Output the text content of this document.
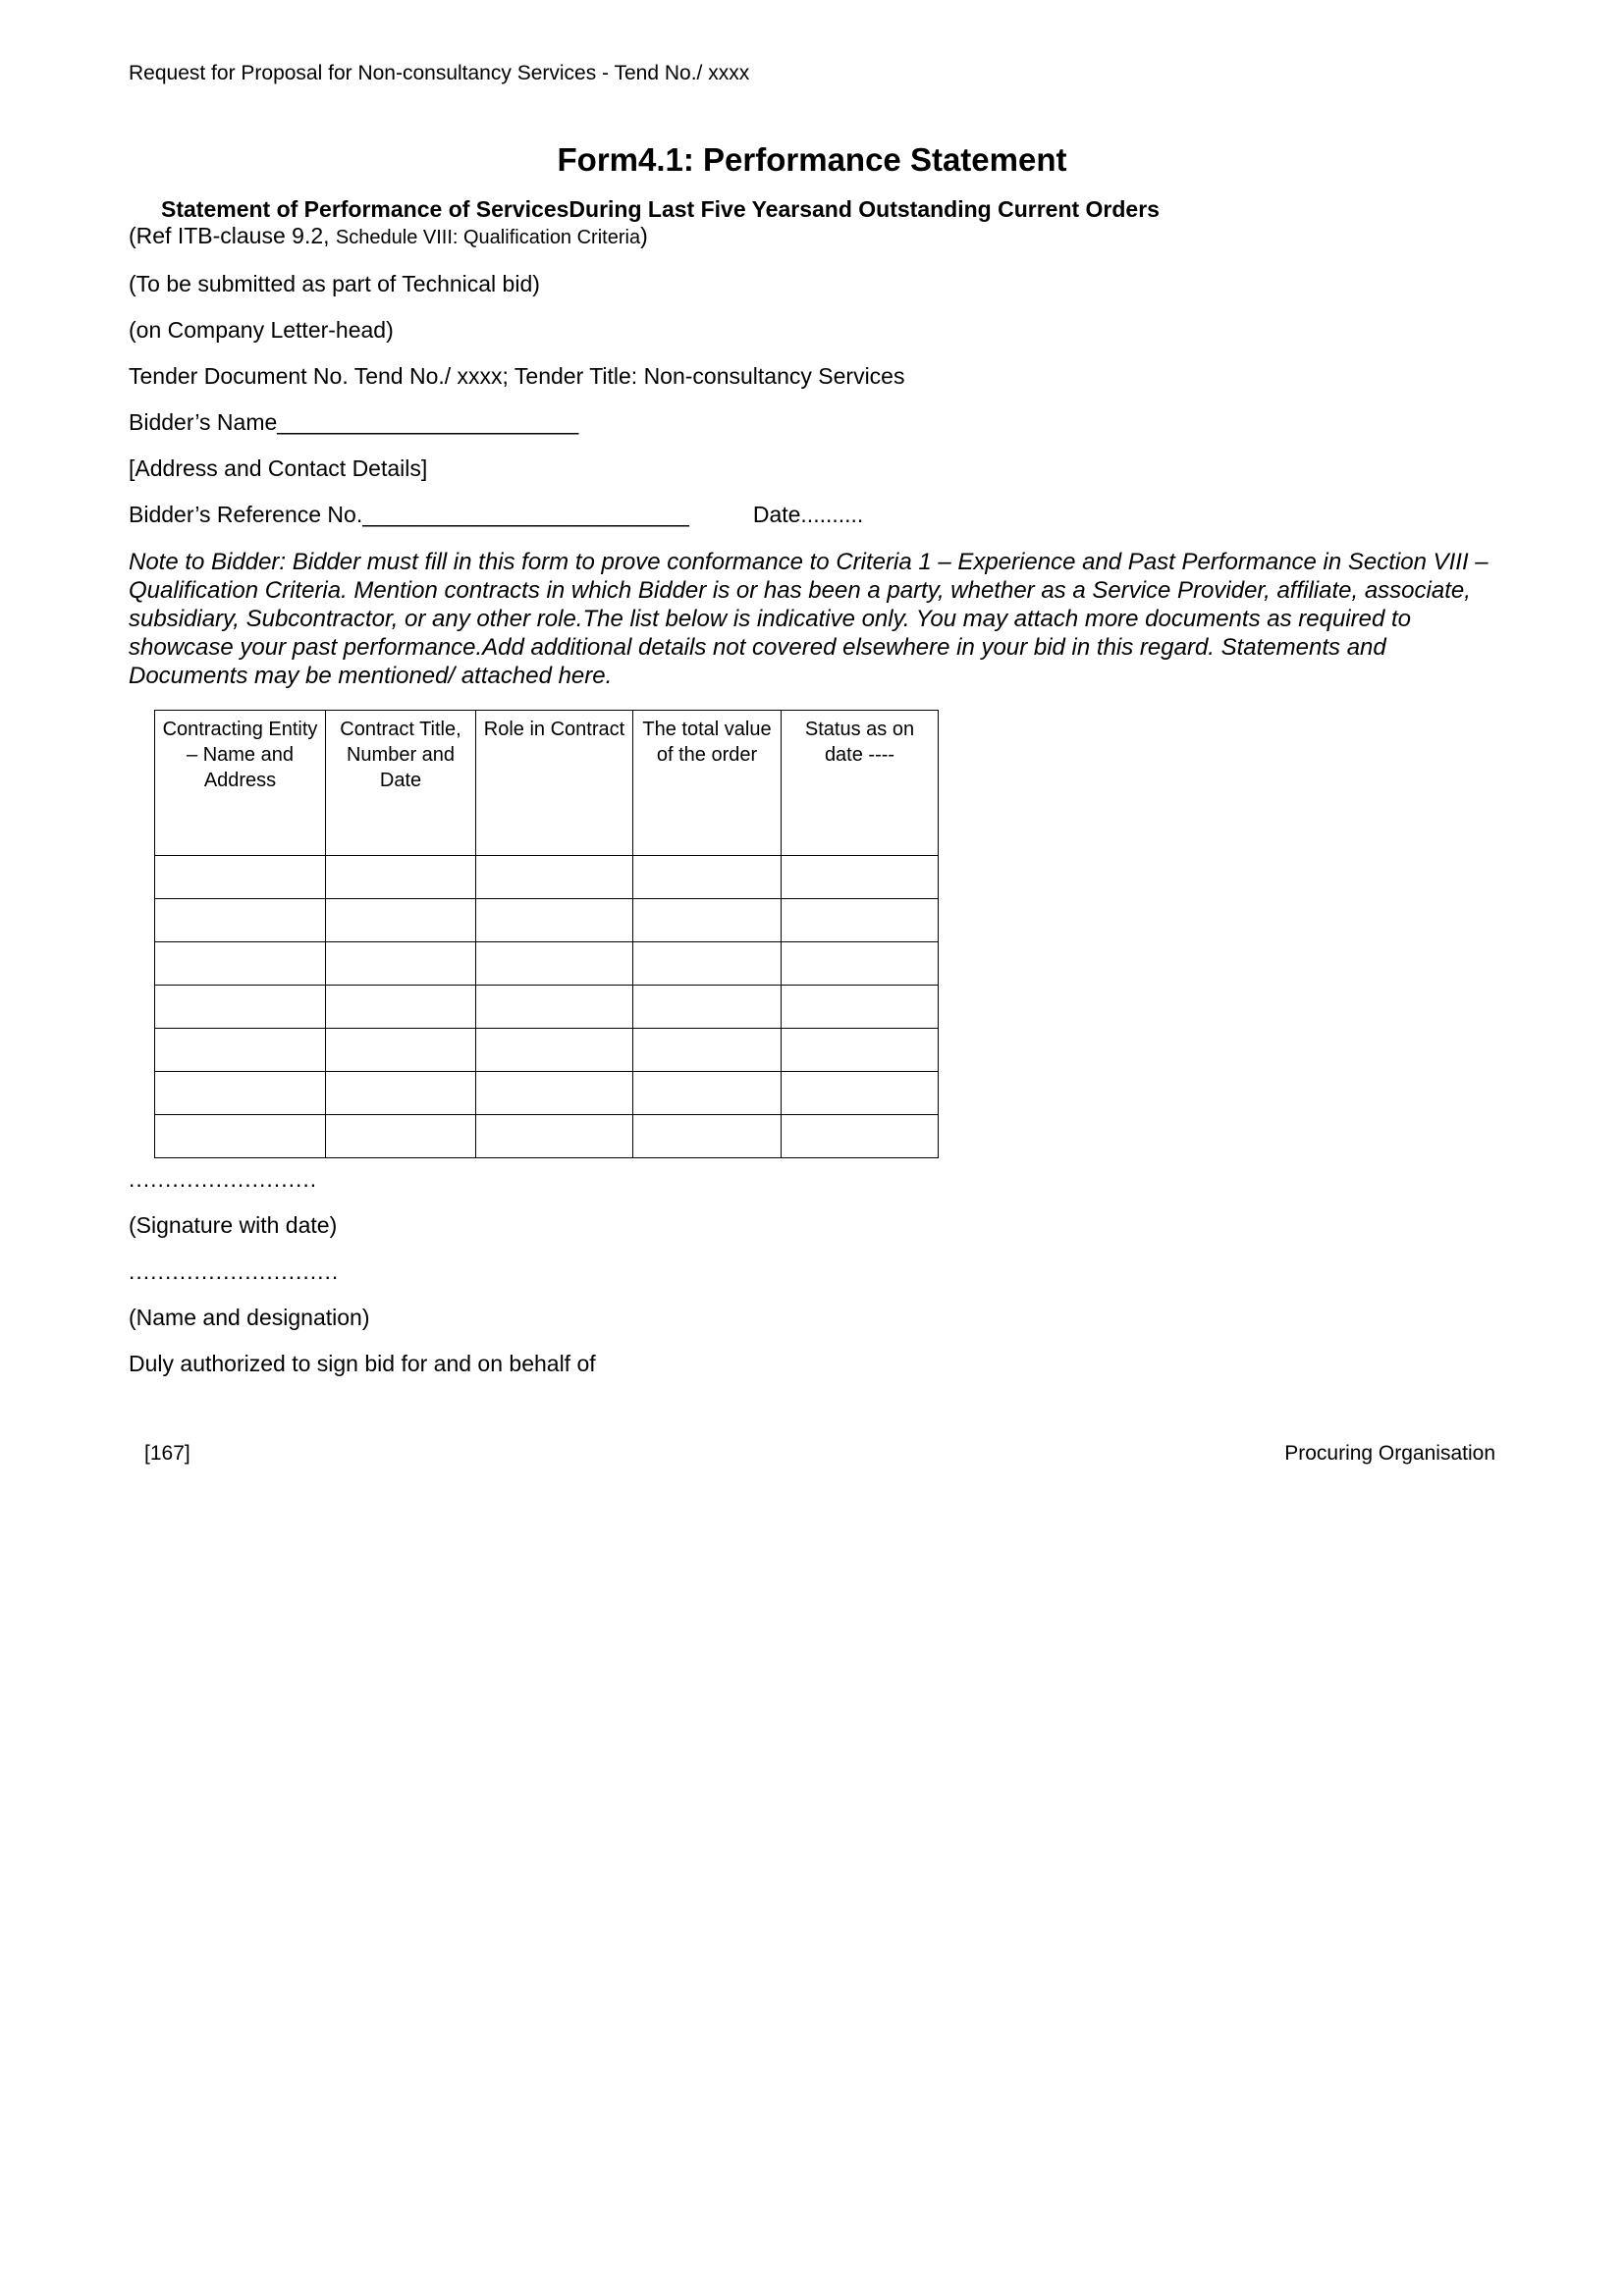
Request for Proposal for Non-consultancy Services - Tend No./ xxxx

Form4.1: Performance Statement

Statement of Performance of ServicesDuring Last Five Yearsand Outstanding Current Orders

(Ref ITB-clause 9.2, Schedule VIII: Qualification Criteria)

(To be submitted as part of Technical bid)

(on Company Letter-head)

Tender Document No. Tend No./ xxxx; Tender Title: Non-consultancy Services

Bidder’s Name________________________

[Address and Contact Details]

Bidder’s Reference No.__________________________	Date..........

Note to Bidder: Bidder must fill in this form to prove conformance to Criteria 1 – Experience and Past Performance in Section VIII – Qualification Criteria. Mention contracts in which Bidder is or has been a party, whether as a Service Provider, affiliate, associate, subsidiary, Subcontractor, or any other role.The list below is indicative only. You may attach more documents as required to showcase your past performance.Add additional details not covered elsewhere in your bid in this regard. Statements and Documents may be mentioned/ attached here.

Contracting Entity – Name and Address	Contract Title, Number and Date	Role in Contract	The total value of the order	Status as on date ----

..........................

(Signature with date)

.............................

(Name and designation)

Duly authorized to sign bid for and on behalf of

[167]	Procuring Organisation
